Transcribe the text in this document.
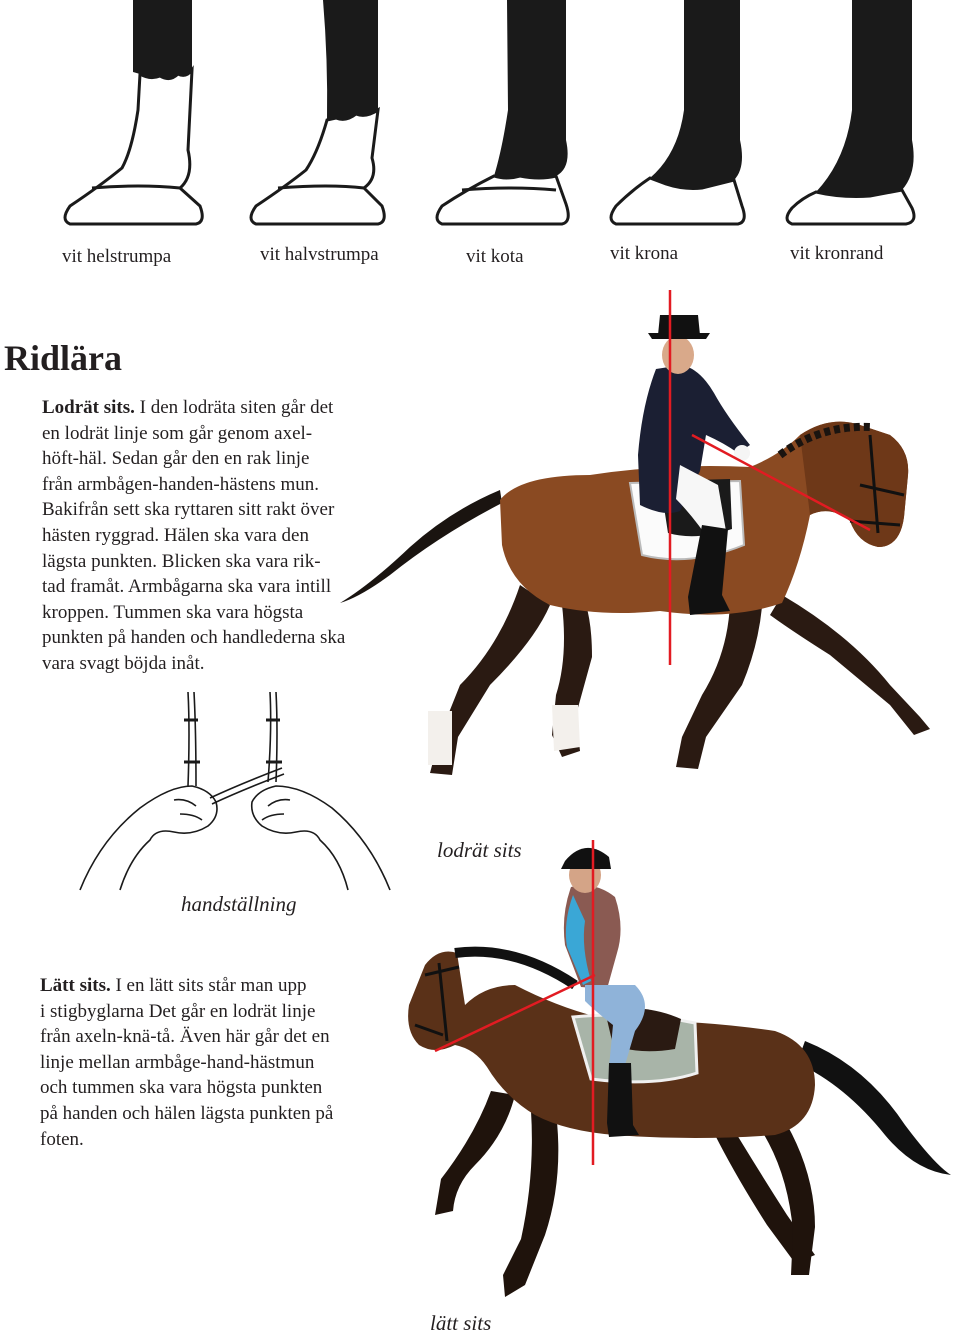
vit helstrumpa	vit halvstrumpa	vit kota	vit krona	vit kronrand
Ridlära
Lodrät sits. I den lodräta siten går det
en lodrät linje som går genom axel-
höft-häl. Sedan går den en rak linje
från armbågen-handen-hästens mun.
Bakifrån sett ska ryttaren sitt rakt över
hästen ryggrad. Hälen ska vara den
lägsta punkten. Blicken ska vara rik-
tad framåt. Armbågarna ska vara intill
kroppen. Tummen ska vara högsta
punkten på handen och handlederna ska
vara svagt böjda inåt.
lodrät sits
handställning
Lätt sits. I en lätt sits står man upp
i stigbyglarna Det går en lodrät linje
från axeln-knä-tå. Även här går det en
linje mellan armbåge-hand-hästmun
och tummen ska vara högsta punkten
på handen och hälen lägsta punkten på
foten.
lätt sits
